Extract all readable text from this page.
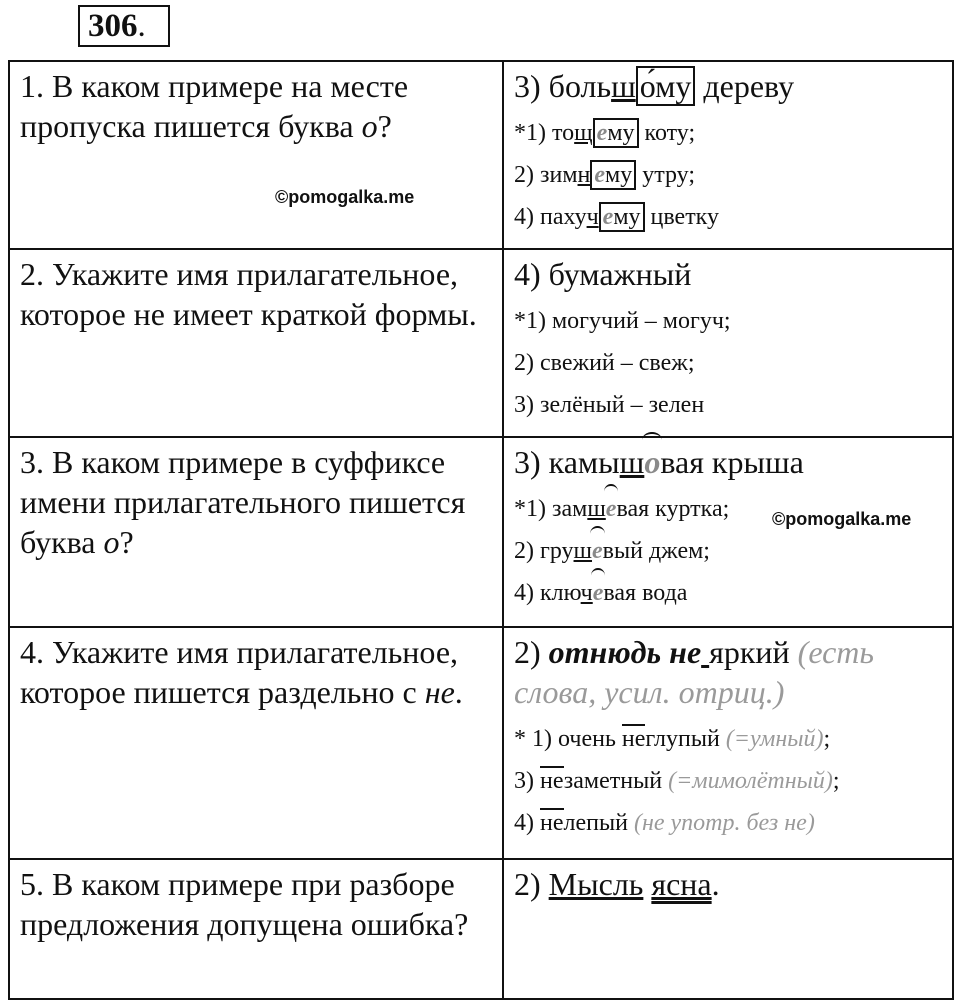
306.
1. В каком примере на месте пропуска пишется буква о?	3) больш о́му дереву
*1) тощ ему коту;
2) зимн ему утру;
4) пахуч ему цветку

2. Укажите имя прилагательное, которое не имеет краткой формы.	4) бумажный
*1) могучий – могуч;
2) свежий – свеж;
3) зелёный – зелен

3. В каком примере в суффиксе имени прилагательного пишется буква о?	3) камышовая крыша
*1) замшевая куртка;
2) грушевый джем;
4) ключевая вода

4. Укажите имя прилагательное, которое пишется раздельно с не.	2) отнюдь не яркий (есть слова, усил. отриц.)
* 1) очень неглупый (=умный);
3) незаметный (=мимолётный);
4) нелепый (не употр. без не)

5. В каком примере при разборе предложения допущена ошибка?	2) Мысль ясна.
©pomogalka.me
©pomogalka.me
